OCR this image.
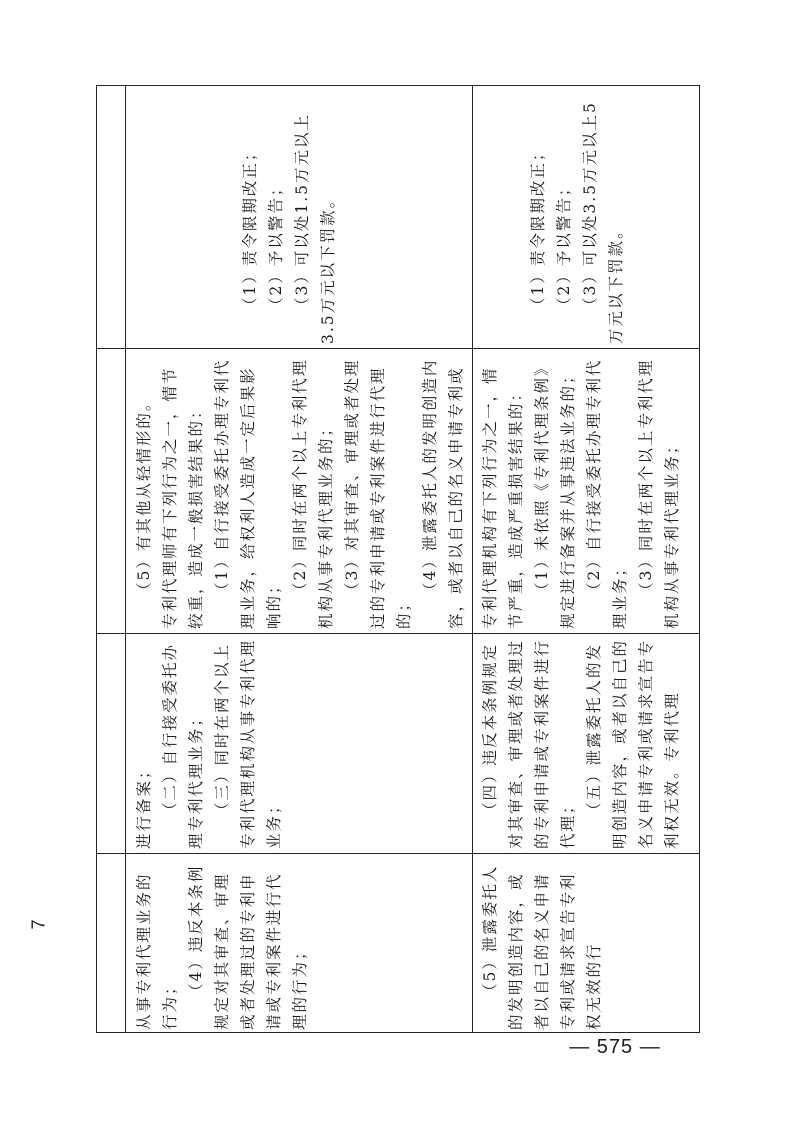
从事专利代理业务的行为；

（4）违反本条例规定对其审查、审理或者处理过的专利申请或专利案件进行代理的行为；

进行备案； （二）自行接受委托办理专利代理业务； （三）同时在两个以上专利代理机构从事专利代理业务；

（5）有其他从轻情形的。 专利代理师有下列行为之一，情节较重，造成一般损害结果的： （1）自行接受委托办理专利代理业务，给权利人造成一定后果影响的；

（2）同时在两个以上专利代理机构从事专利代理业务的； （3）对其审查、审理或者处理过的专利申请或专利案件进行代理的；

（4）泄露委托人的发明创造内容，或者以自己的名义申请专利或

（1）责令限期改正； （2）予以警告； （3）可以处1.5万元以上3.5万元以下罚款。

（5）泄露委托人的发明创造内容，或者以自己的名义申请专利或请求宣告专利权无效的行

（四）违反本条例规定对其审查、审理或者处理过的专利申请或专利案件进行代理；

（五）泄露委托人的发明创造内容，或者以自己的名义申请专利或请求宣告专利权无效。专利代理

专利代理机构有下列行为之一，情节严重，造成严重损害结果的： （1）未依照《专利代理条例》规定进行备案并从事违法业务的； （2）自行接受委托办理专利代理业务； （3）同时在两个以上专利代理机构从事专利代理业务；

（1）责令限期改正； （2）予以警告； （3）可以处3.5万元以上5万元以下罚款。

7
— 575 —
